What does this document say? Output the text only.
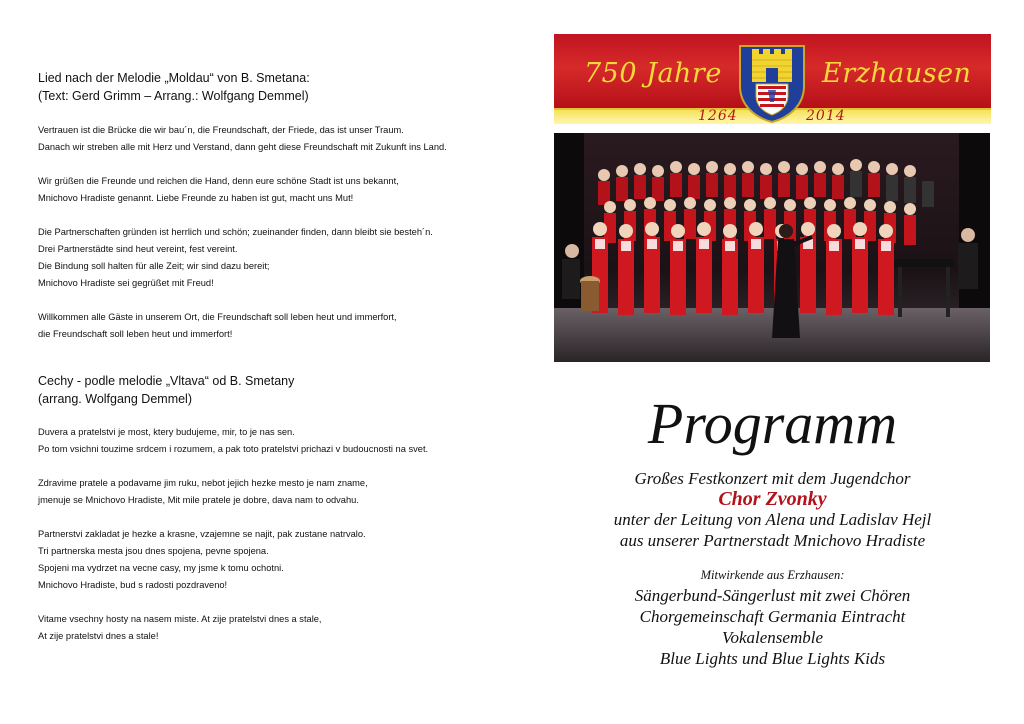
Lied nach der Melodie „Moldau“ von B. Smetana:
(Text: Gerd Grimm – Arrang.: Wolfgang Demmel)
Vertrauen ist die Brücke die wir bau´n, die Freundschaft, der Friede, das ist unser Traum.
Danach wir streben alle mit Herz und Verstand, dann geht diese Freundschaft mit Zukunft ins Land.
Wir grüßen die Freunde und reichen die Hand, denn eure schöne Stadt ist uns bekannt,
Mnichovo Hradiste genannt. Liebe Freunde zu haben ist gut, macht uns Mut!
Die Partnerschaften gründen ist herrlich und schön; zueinander finden, dann bleibt sie besteh´n.
Drei Partnerstädte sind heut vereint, fest vereint.
Die Bindung soll halten für alle Zeit; wir sind dazu bereit;
Mnichovo Hradiste sei gegrüßet mit Freud!
Willkommen alle Gäste in unserem Ort, die Freundschaft soll leben heut und immerfort,
die Freundschaft soll leben heut und immerfort!
Cechy - podle melodie „Vltava“ od B. Smetany
(arrang. Wolfgang Demmel)
Duvera a pratelstvi je most, ktery budujeme, mir, to je nas sen.
Po tom vsichni touzime srdcem i rozumem, a pak toto pratelstvi prichazi v budoucnosti na svet.
Zdravime pratele a podavame jim ruku, nebot jejich hezke mesto je nam zname,
jmenuje se Mnichovo Hradiste, Mit mile pratele je dobre, dava nam to odvahu.
Partnerstvi zakladat je hezke a krasne, vzajemne se najit, pak zustane natrvalo.
Tri partnerska mesta jsou dnes spojena, pevne spojena.
Spojeni ma vydrzet na vecne casy, my jsme k tomu ochotni.
Mnichovo Hradiste, bud s radosti pozdraveno!
Vitame vsechny hosty na nasem miste. At zije pratelstvi dnes a stale,
At zije pratelstvi dnes a stale!
750 Jahre	Erzhausen
1264	2014
Programm
Großes Festkonzert mit dem Jugendchor
Chor Zvonky
unter der Leitung von Alena und Ladislav Hejl
aus unserer Partnerstadt Mnichovo Hradiste
Mitwirkende aus Erzhausen:
Sängerbund-Sängerlust mit zwei Chören
Chorgemeinschaft Germania Eintracht
Vokalensemble
Blue Lights und Blue Lights Kids
